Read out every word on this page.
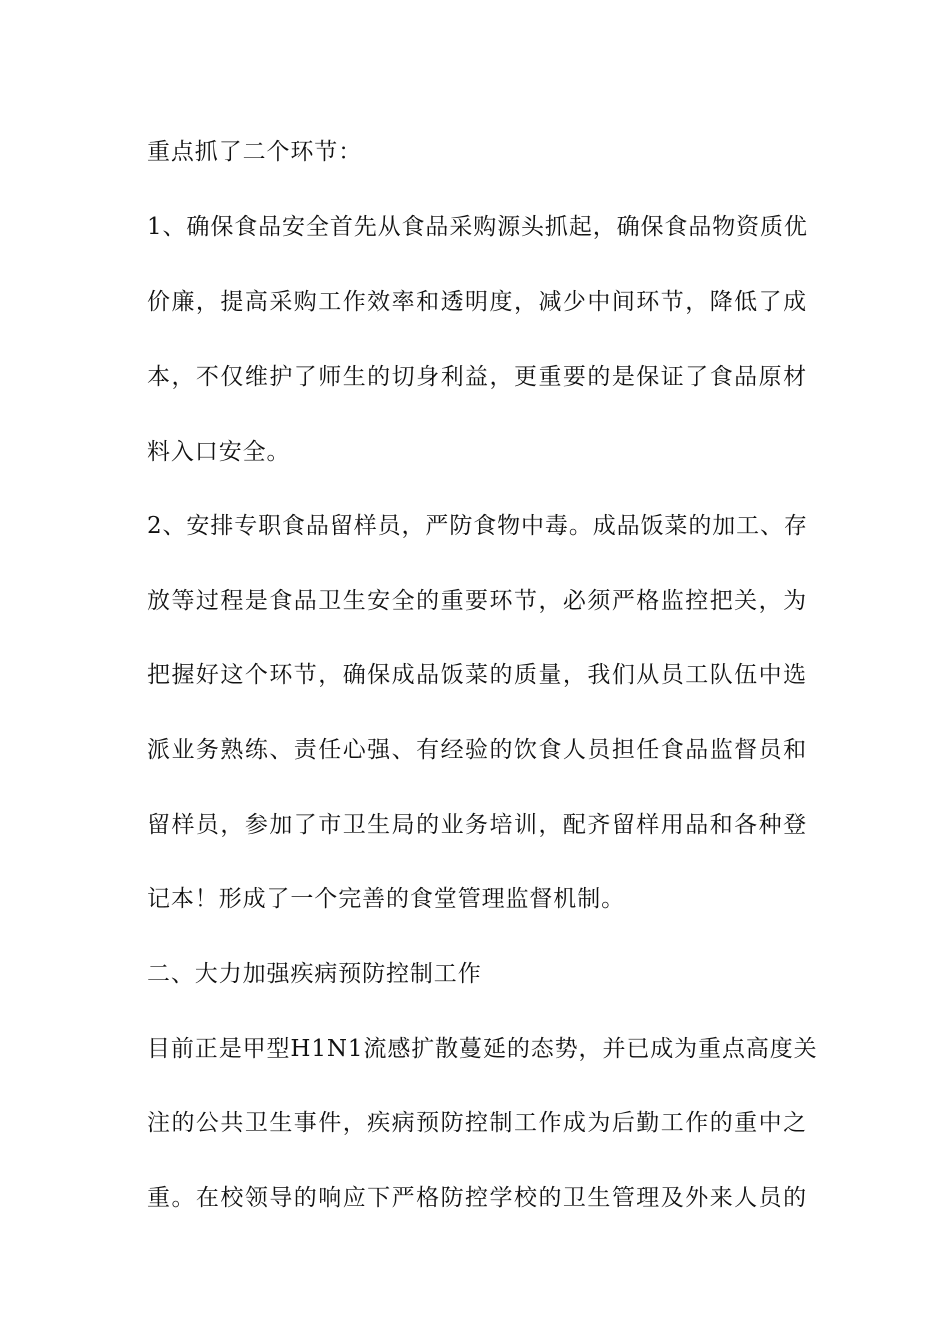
重点抓了二个环节：
1、确保食品安全首先从食品采购源头抓起，确保食品物资质优
价廉，提高采购工作效率和透明度，减少中间环节，降低了成
本，不仅维护了师生的切身利益，更重要的是保证了食品原材
料入口安全。
2、安排专职食品留样员，严防食物中毒。成品饭菜的加工、存
放等过程是食品卫生安全的重要环节，必须严格监控把关，为
把握好这个环节，确保成品饭菜的质量，我们从员工队伍中选
派业务熟练、责任心强、有经验的饮食人员担任食品监督员和
留样员，参加了市卫生局的业务培训，配齐留样用品和各种登
记本！形成了一个完善的食堂管理监督机制。
二、大力加强疾病预防控制工作
目前正是甲型H1N1流感扩散蔓延的态势，并已成为重点高度关
注的公共卫生事件，疾病预防控制工作成为后勤工作的重中之
重。在校领导的响应下严格防控学校的卫生管理及外来人员的
